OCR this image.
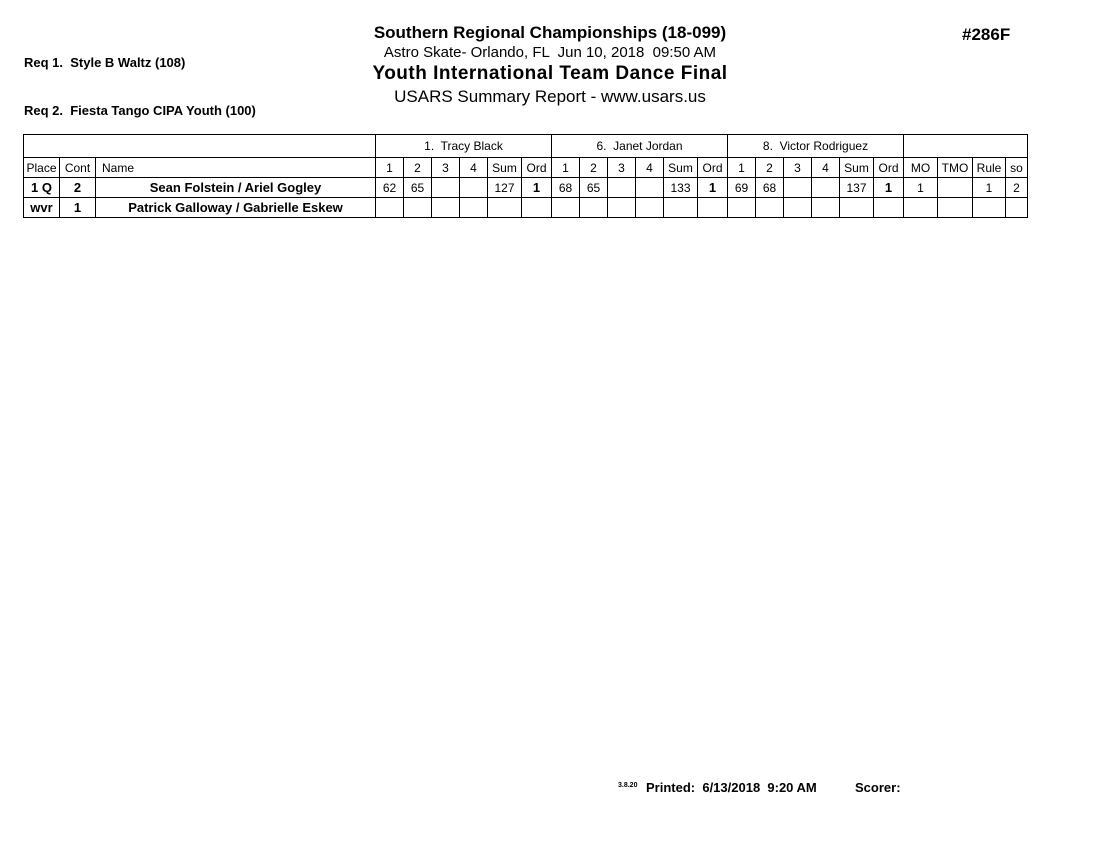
Req 1.  Style B Waltz (108)

Req 2.  Fiesta Tango CIPA Youth (100)

Southern Regional Championships (18-099)
Astro Skate- Orlando, FL  Jun 10, 2018  09:50 AM
Youth International Team Dance Final
USARS Summary Report - www.usars.us
#286F
			1.  Tracy Black						6.  Janet Jordan						8.  Victor Rodriguez									
Place	Cont	Name	1	2	3	4	Sum	Ord	1	2	3	4	Sum	Ord	1	2	3	4	Sum	Ord	MO	TMO	Rule	so
1 Q	2	Sean Folstein / Ariel Gogley	62	65			127	1	68	65			133	1	69	68			137	1	1		1	2
wvr	1	Patrick Galloway / Gabrielle Eskew																						
3.8.20 Printed:  6/13/2018  9:20 AM	Scorer:
